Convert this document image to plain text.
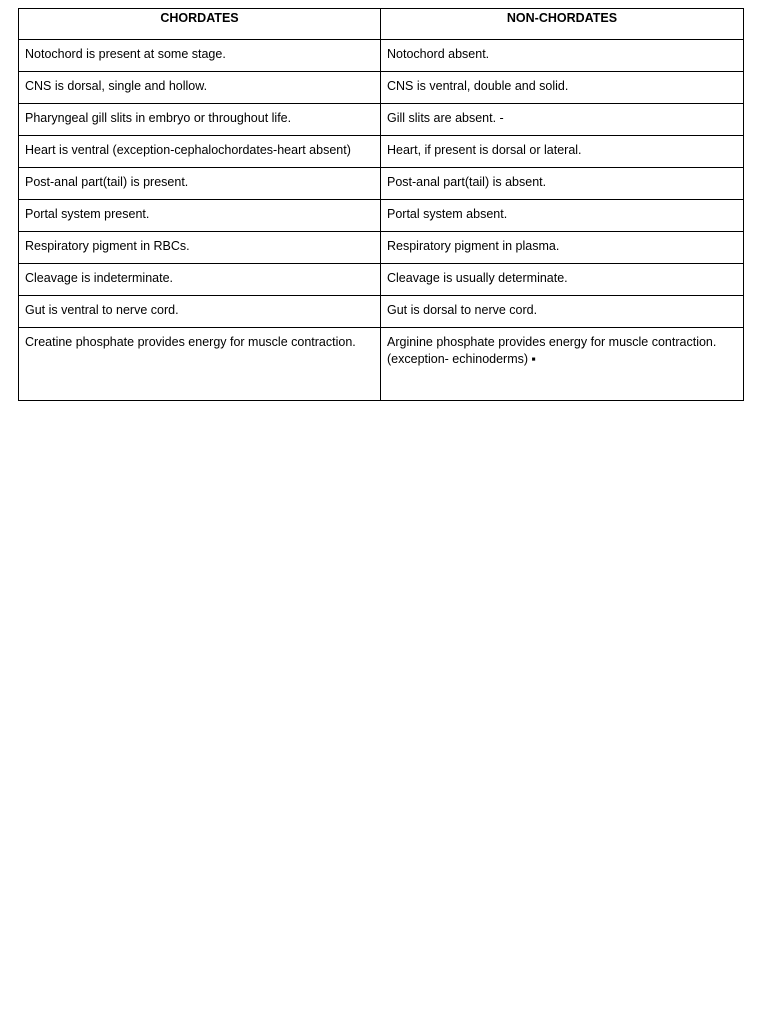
CHORDATES	NON-CHORDATES
Notochord is present at some stage.	Notochord absent.
CNS is dorsal, single and hollow.	CNS is ventral, double and solid.
Pharyngeal gill slits in embryo or throughout life.	Gill slits are absent. -
Heart is ventral (exception-cephalochordates-heart absent)	Heart, if present is dorsal or lateral.
Post-anal part(tail) is present.	Post-anal part(tail) is absent.
Portal system present.	Portal system absent.
Respiratory pigment in RBCs.	Respiratory pigment in plasma.
Cleavage is indeterminate.	Cleavage is usually determinate.
Gut is ventral to nerve cord.	Gut is dorsal to nerve cord.
Creatine phosphate provides energy for muscle contraction.	Arginine phosphate provides energy for muscle contraction. (exception- echinoderms) ▪
